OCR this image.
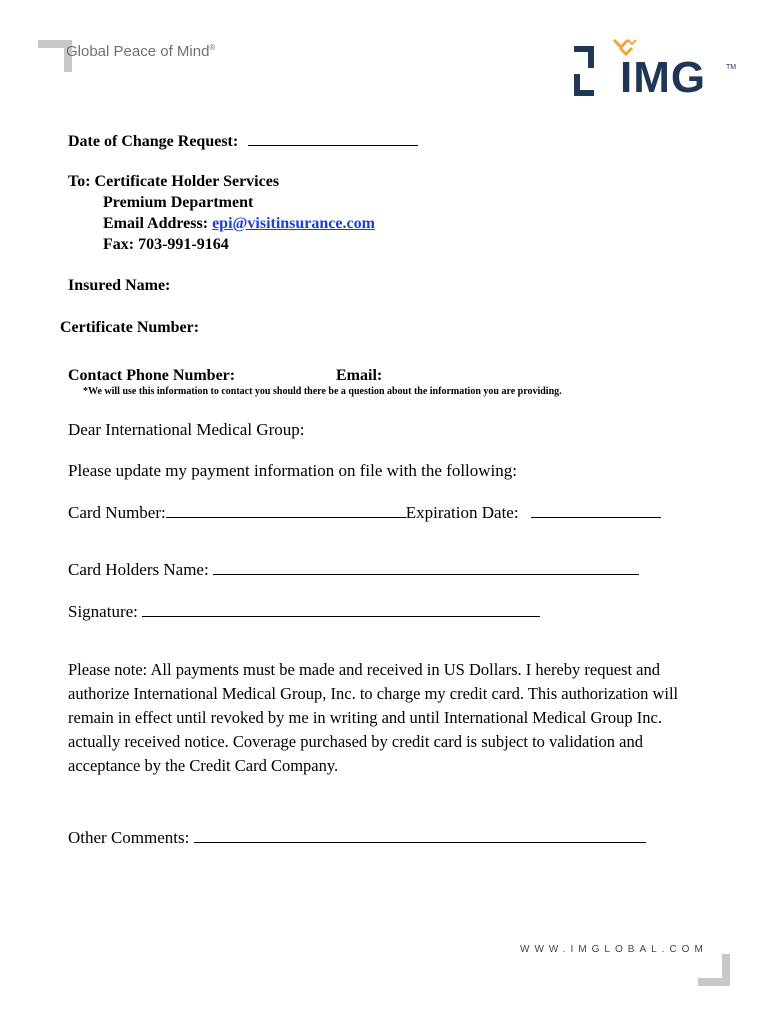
Global Peace of Mind®
IMG	TM
Date of Change Request:
To: Certificate Holder Services
Premium Department
Email Address: epi@visitinsurance.com
Fax: 703-991-9164
Insured Name:
Certificate Number:
Contact Phone Number:	Email:
*We will use this information to contact you should there be a question about the information you are providing.
Dear International Medical Group:
Please update my payment information on file with the following:
Card Number:	Expiration Date:
Card Holders Name:
Signature:
Please note: All payments must be made and received in US Dollars. I hereby request and authorize International Medical Group, Inc. to charge my credit card. This authorization will remain in effect until revoked by me in writing and until International Medical Group Inc. actually received notice. Coverage purchased by credit card is subject to validation and acceptance by the Credit Card Company.
Other Comments:
WWW.IMGLOBAL.COM
